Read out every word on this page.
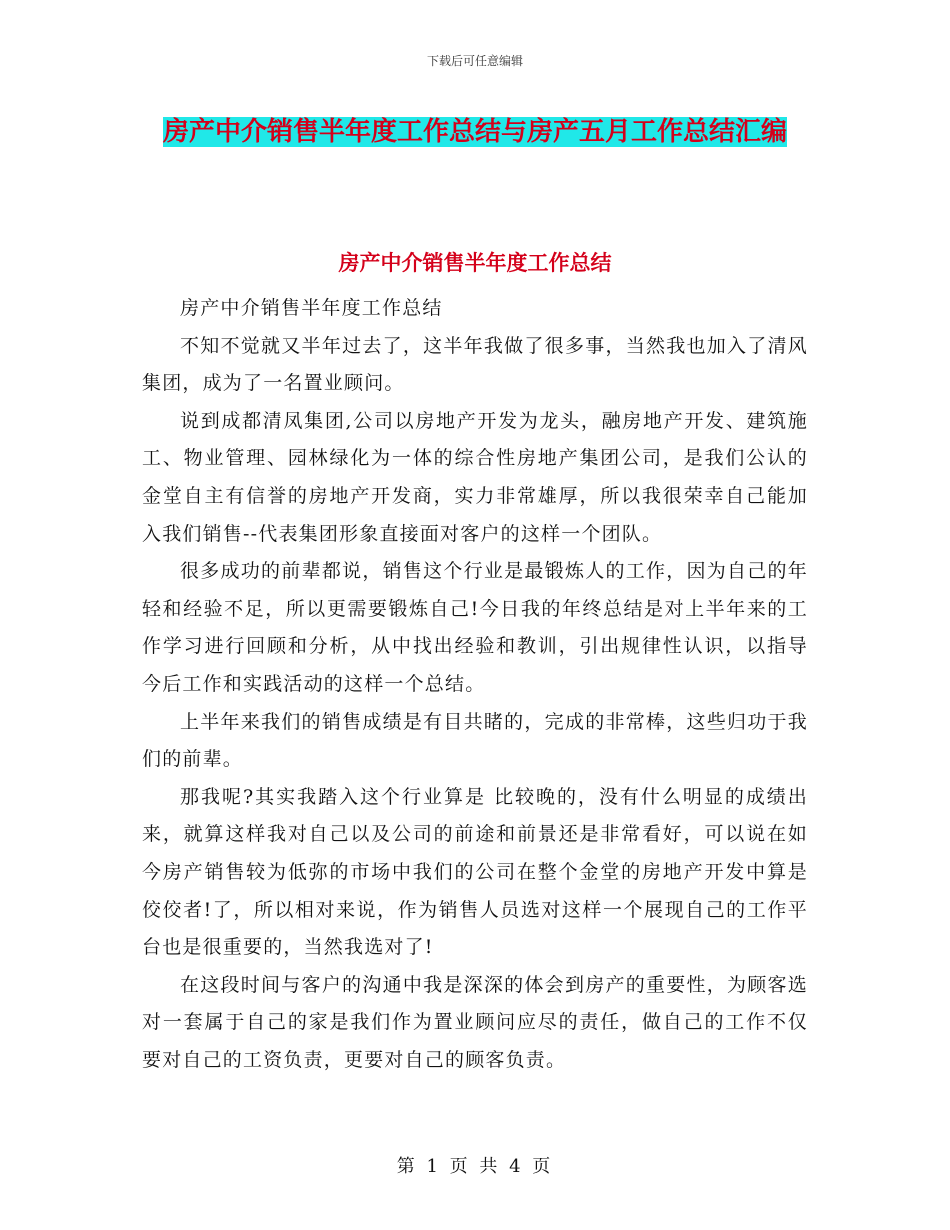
下载后可任意编辑
房产中介销售半年度工作总结与房产五月工作总结汇编
房产中介销售半年度工作总结

房产中介销售半年度工作总结

不知不觉就又半年过去了，这半年我做了很多事，当然我也加入了清风集团，成为了一名置业顾问。

说到成都清凤集团,公司以房地产开发为龙头，融房地产开发、建筑施工、物业管理、园林绿化为一体的综合性房地产集团公司，是我们公认的金堂自主有信誉的房地产开发商，实力非常雄厚，所以我很荣幸自己能加入我们销售--代表集团形象直接面对客户的这样一个团队。

很多成功的前辈都说，销售这个行业是最锻炼人的工作，因为自己的年轻和经验不足，所以更需要锻炼自己!今日我的年终总结是对上半年来的工作学习进行回顾和分析，从中找出经验和教训，引出规律性认识，以指导今后工作和实践活动的这样一个总结。

上半年来我们的销售成绩是有目共睹的，完成的非常棒，这些归功于我们的前辈。

那我呢?其实我踏入这个行业算是 比较晚的，没有什么明显的成绩出来，就算这样我对自己以及公司的前途和前景还是非常看好，可以说在如今房产销售较为低弥的市场中我们的公司在整个金堂的房地产开发中算是佼佼者!了，所以相对来说，作为销售人员选对这样一个展现自己的工作平台也是很重要的，当然我选对了!

在这段时间与客户的沟通中我是深深的体会到房产的重要性，为顾客选对一套属于自己的家是我们作为置业顾问应尽的责任，做自己的工作不仅要对自己的工资负责，更要对自己的顾客负责。

第 1 页 共 4 页
